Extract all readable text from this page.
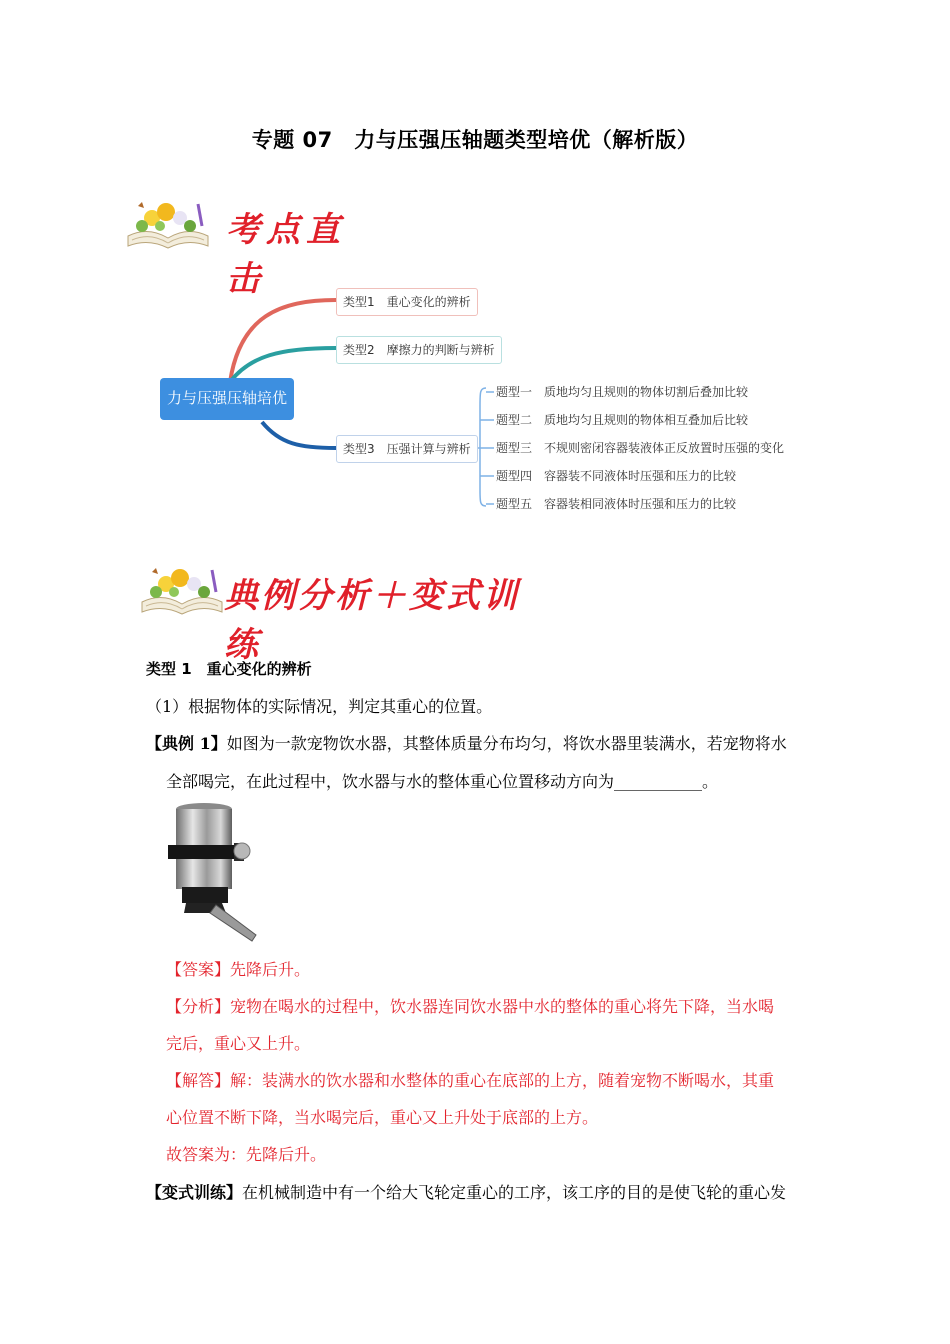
专题 07　力与压强压轴题类型培优（解析版）
考点直击
力与压强压轴培优
类型1　重心变化的辨析
类型2　摩擦力的判断与辨析
类型3　压强计算与辨析
题型一　质地均匀且规则的物体切割后叠加比较
题型二　质地均匀且规则的物体相互叠加后比较
题型三　不规则密闭容器装液体正反放置时压强的变化
题型四　容器装不同液体时压强和压力的比较
题型五　容器装相同液体时压强和压力的比较
典例分析＋变式训练
类型 1　重心变化的辨析
（1）根据物体的实际情况，判定其重心的位置。
【典例 1】如图为一款宠物饮水器，其整体质量分布均匀，将饮水器里装满水，若宠物将水
全部喝完，在此过程中，饮水器与水的整体重心位置移动方向为___________。
【答案】先降后升。
【分析】宠物在喝水的过程中，饮水器连同饮水器中水的整体的重心将先下降，当水喝
完后，重心又上升。
【解答】解：装满水的饮水器和水整体的重心在底部的上方，随着宠物不断喝水，其重
心位置不断下降，当水喝完后，重心又上升处于底部的上方。
故答案为：先降后升。
【变式训练】在机械制造中有一个给大飞轮定重心的工序，该工序的目的是使飞轮的重心发
